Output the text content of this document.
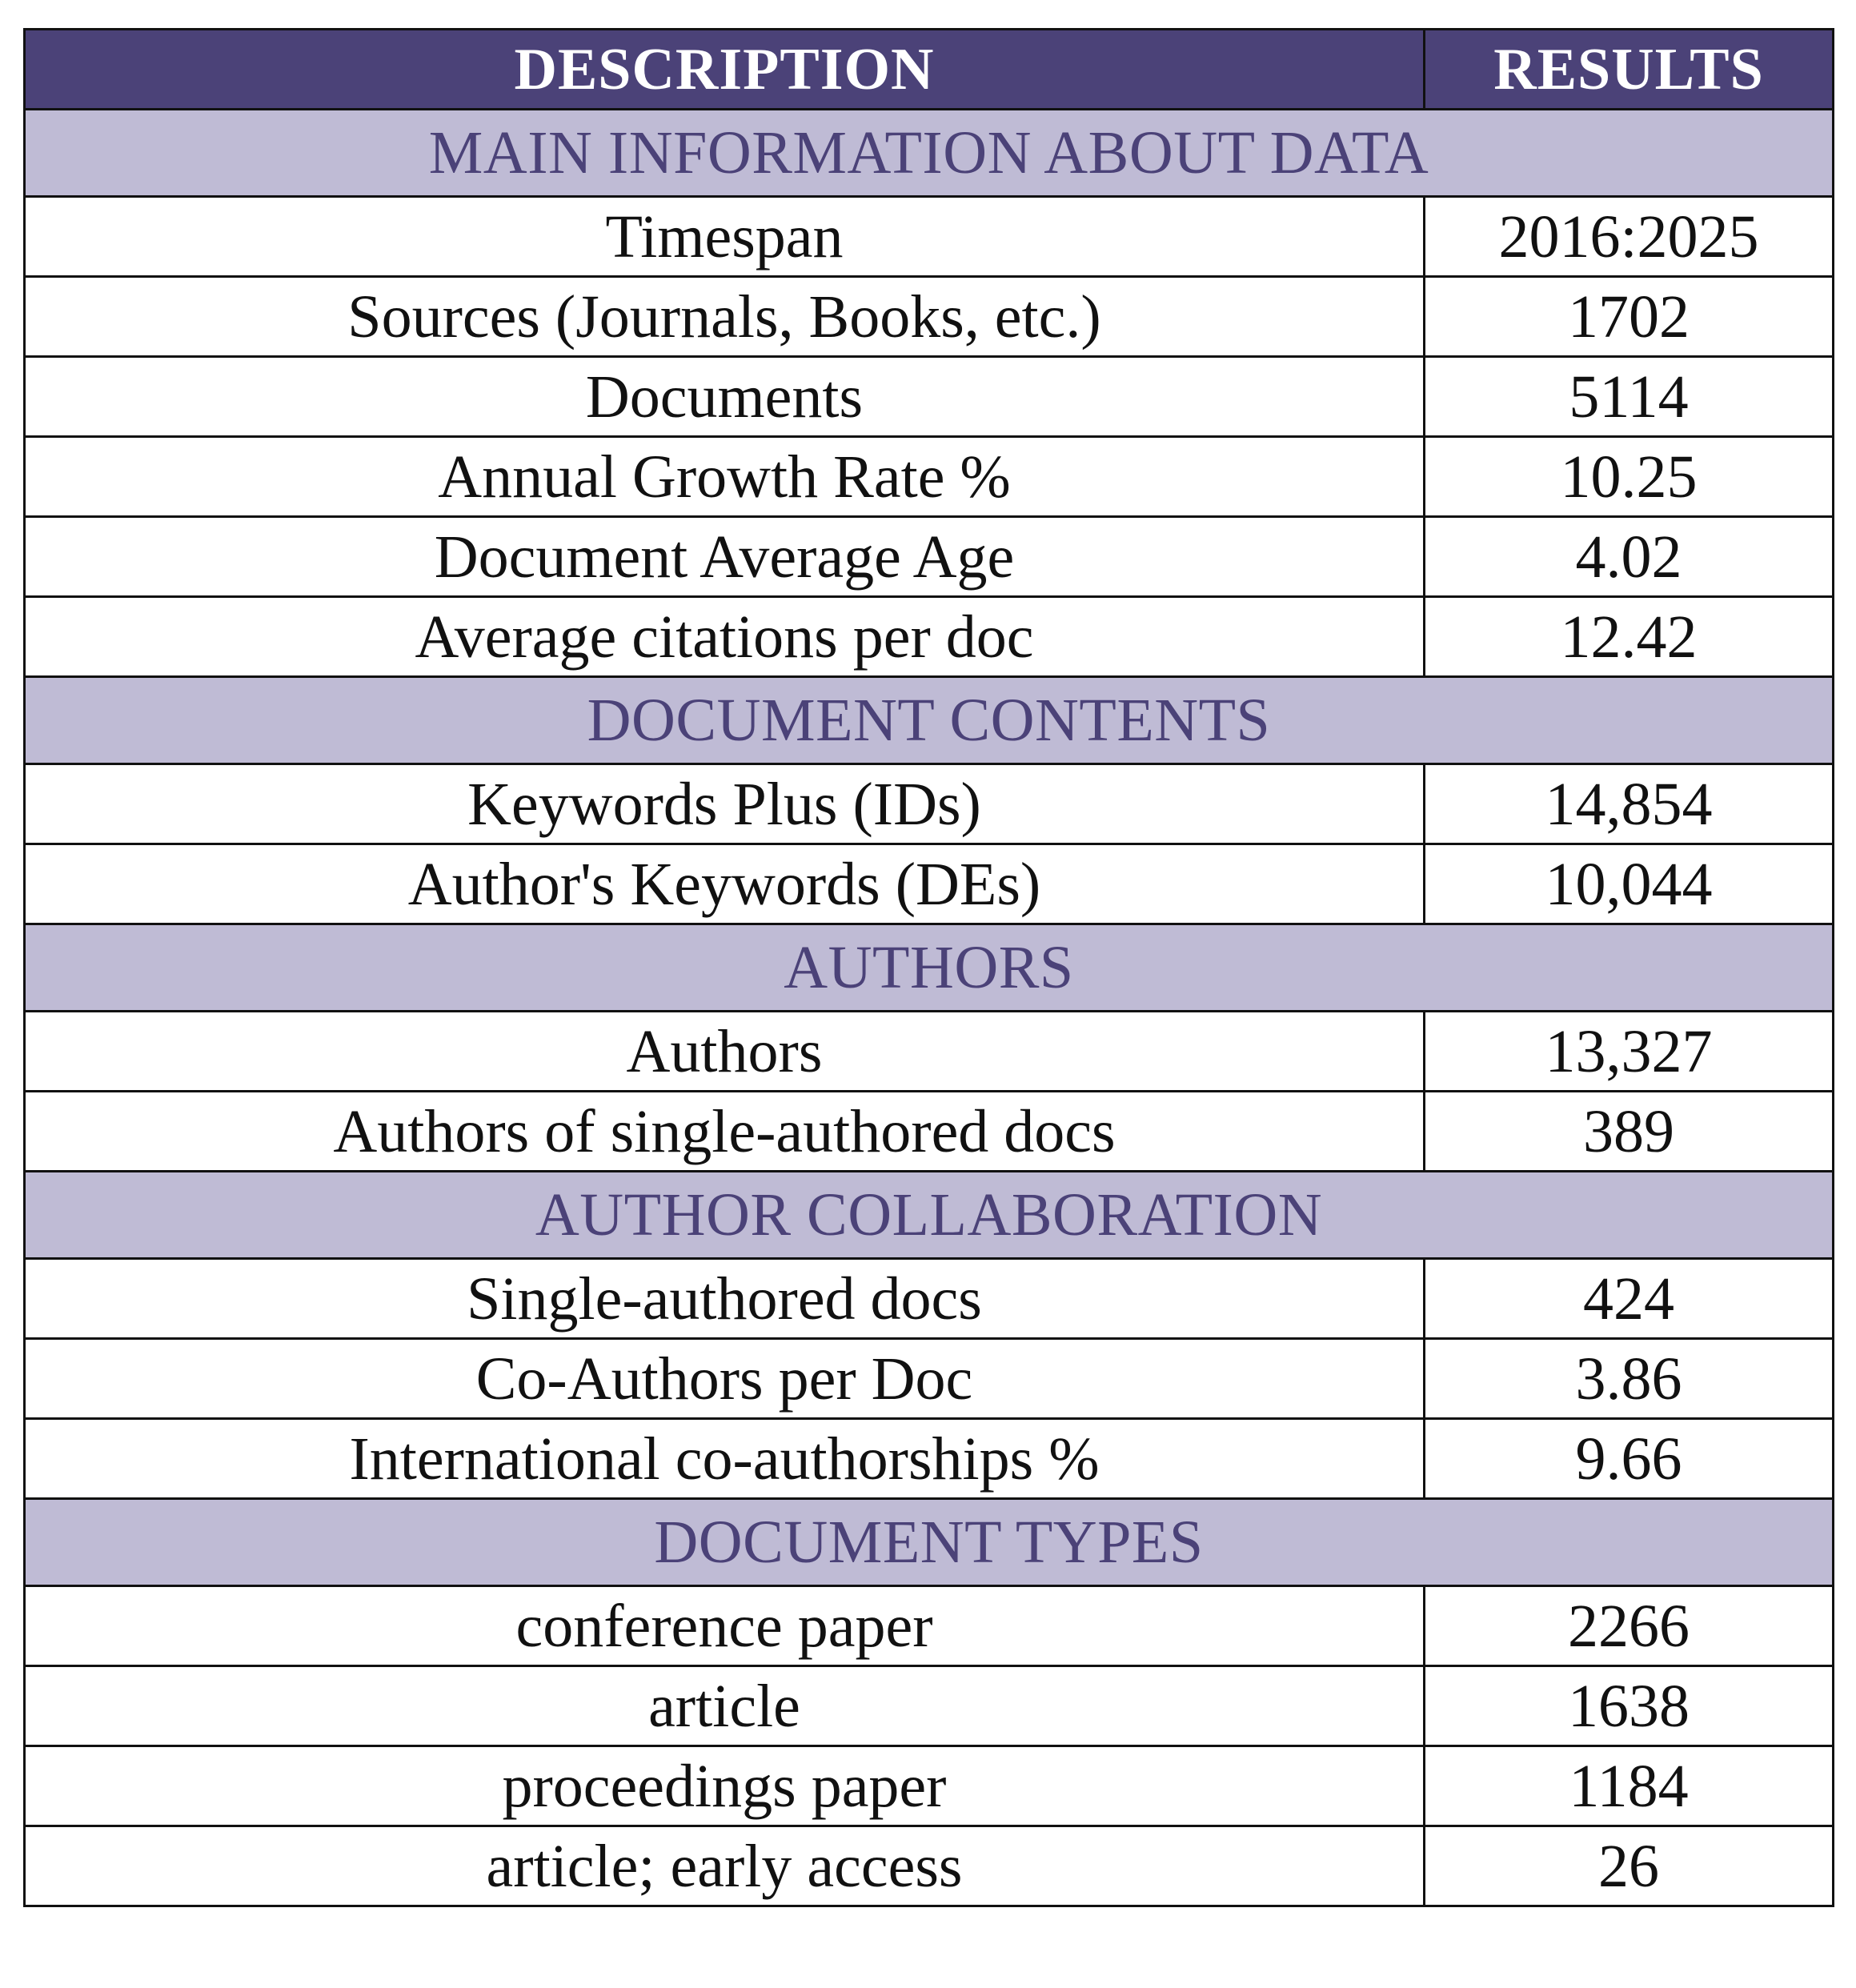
DESCRIPTION	RESULTS
MAIN INFORMATION ABOUT DATA	
Timespan	2016:2025
Sources (Journals, Books, etc.)	1702
Documents	5114
Annual Growth Rate %	10.25
Document Average Age	4.02
Average citations per doc	12.42
DOCUMENT CONTENTS	
Keywords Plus (IDs)	14,854
Author's Keywords (DEs)	10,044
AUTHORS	
Authors	13,327
Authors of single-authored docs	389
AUTHOR COLLABORATION	
Single-authored docs	424
Co-Authors per Doc	3.86
International co-authorships %	9.66
DOCUMENT TYPES	
conference paper	2266
article	1638
proceedings paper	1184
article; early access	26
